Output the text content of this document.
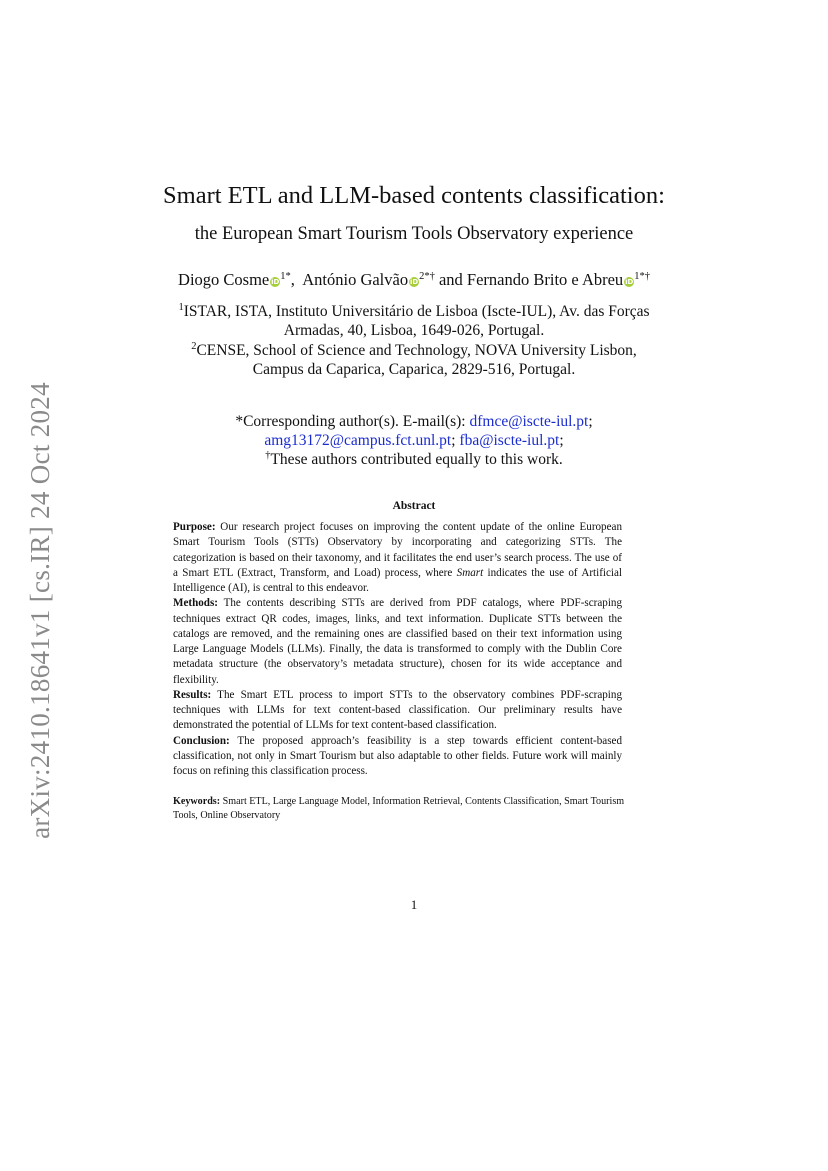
arXiv:2410.18641v1 [cs.IR] 24 Oct 2024
Smart ETL and LLM-based contents classification:
the European Smart Tourism Tools Observatory experience
Diogo Cosme $iD^{1*}$,  António Galvão $iD^{2*\dagger}$ and Fernando Brito e Abreu $iD^{1*\dagger}$

$^1$ISTAR, ISTA, Instituto Universitário de Lisboa (Iscte-IUL), Av. das Forças

Armadas, 40, Lisboa, 1649-026, Portugal.

$^2$CENSE, School of Science and Technology, NOVA University Lisbon,

Campus da Caparica, Caparica, 2829-516, Portugal.

*Corresponding author(s). E-mail(s): dfmce@iscte-iul.pt;

amg13172@campus.fct.unl.pt; fba@iscte-iul.pt;

†These authors contributed equally to this work.

Abstract

Purpose: Our research project focuses on improving the content update of the online European Smart Tourism Tools (STTs) Observatory by incorporating and categorizing STTs. The categorization is based on their taxonomy, and it facilitates the end user’s search process. The use of a Smart ETL (Extract, Transform, and Load) process, where Smart indicates the use of Artificial Intelligence (AI), is central to this endeavor.

Methods: The contents describing STTs are derived from PDF catalogs, where PDF-scraping techniques extract QR codes, images, links, and text information. Duplicate STTs between the catalogs are removed, and the remaining ones are classified based on their text information using Large Language Models (LLMs). Finally, the data is transformed to comply with the Dublin Core metadata structure (the observatory’s metadata structure), chosen for its wide acceptance and flexibility.

Results: The Smart ETL process to import STTs to the observatory combines PDF-scraping techniques with LLMs for text content-based classification. Our preliminary results have demonstrated the potential of LLMs for text content-based classification.

Conclusion: The proposed approach’s feasibility is a step towards efficient content-based classification, not only in Smart Tourism but also adaptable to other fields. Future work will mainly focus on refining this classification process.

Keywords: Smart ETL, Large Language Model, Information Retrieval, Contents Classification, Smart Tourism Tools, Online Observatory
1
